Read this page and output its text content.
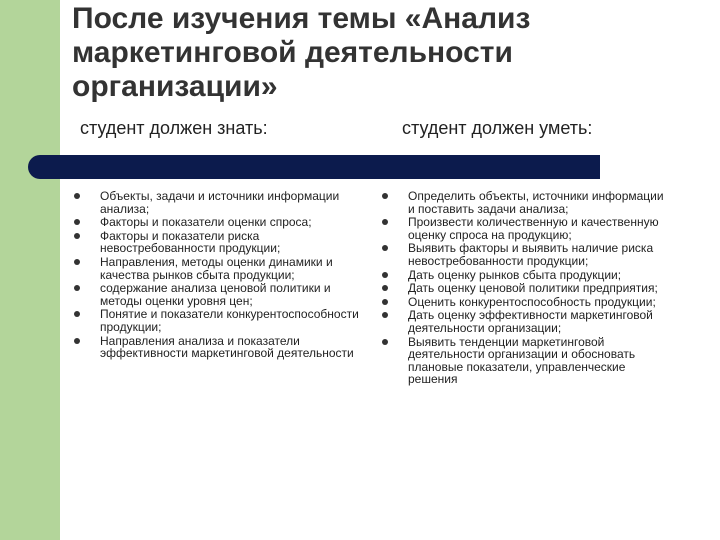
После изучения темы «Анализ маркетинговой деятельности организации»
студент должен знать:	студент должен уметь:
Объекты, задачи и источники информации анализа;
Факторы и показатели оценки спроса;
Факторы и показатели риска невостребованности продукции;
Направления, методы оценки динамики и качества рынков сбыта продукции;
содержание анализа ценовой политики и методы оценки уровня цен;
Понятие и показатели конкурентоспособности продукции;
Направления анализа и показатели эффективности маркетинговой деятельности
Определить объекты, источники информации и поставить задачи анализа;
Произвести количественную и качественную оценку спроса на продукцию;
Выявить факторы и выявить наличие риска невостребованности продукции;
Дать оценку рынков сбыта продукции;
Дать оценку ценовой политики предприятия;
Оценить конкурентоспособность продукции;
Дать оценку эффективности маркетинговой деятельности организации;
Выявить тенденции маркетинговой деятельности организации и обосновать плановые показатели, управленческие решения
